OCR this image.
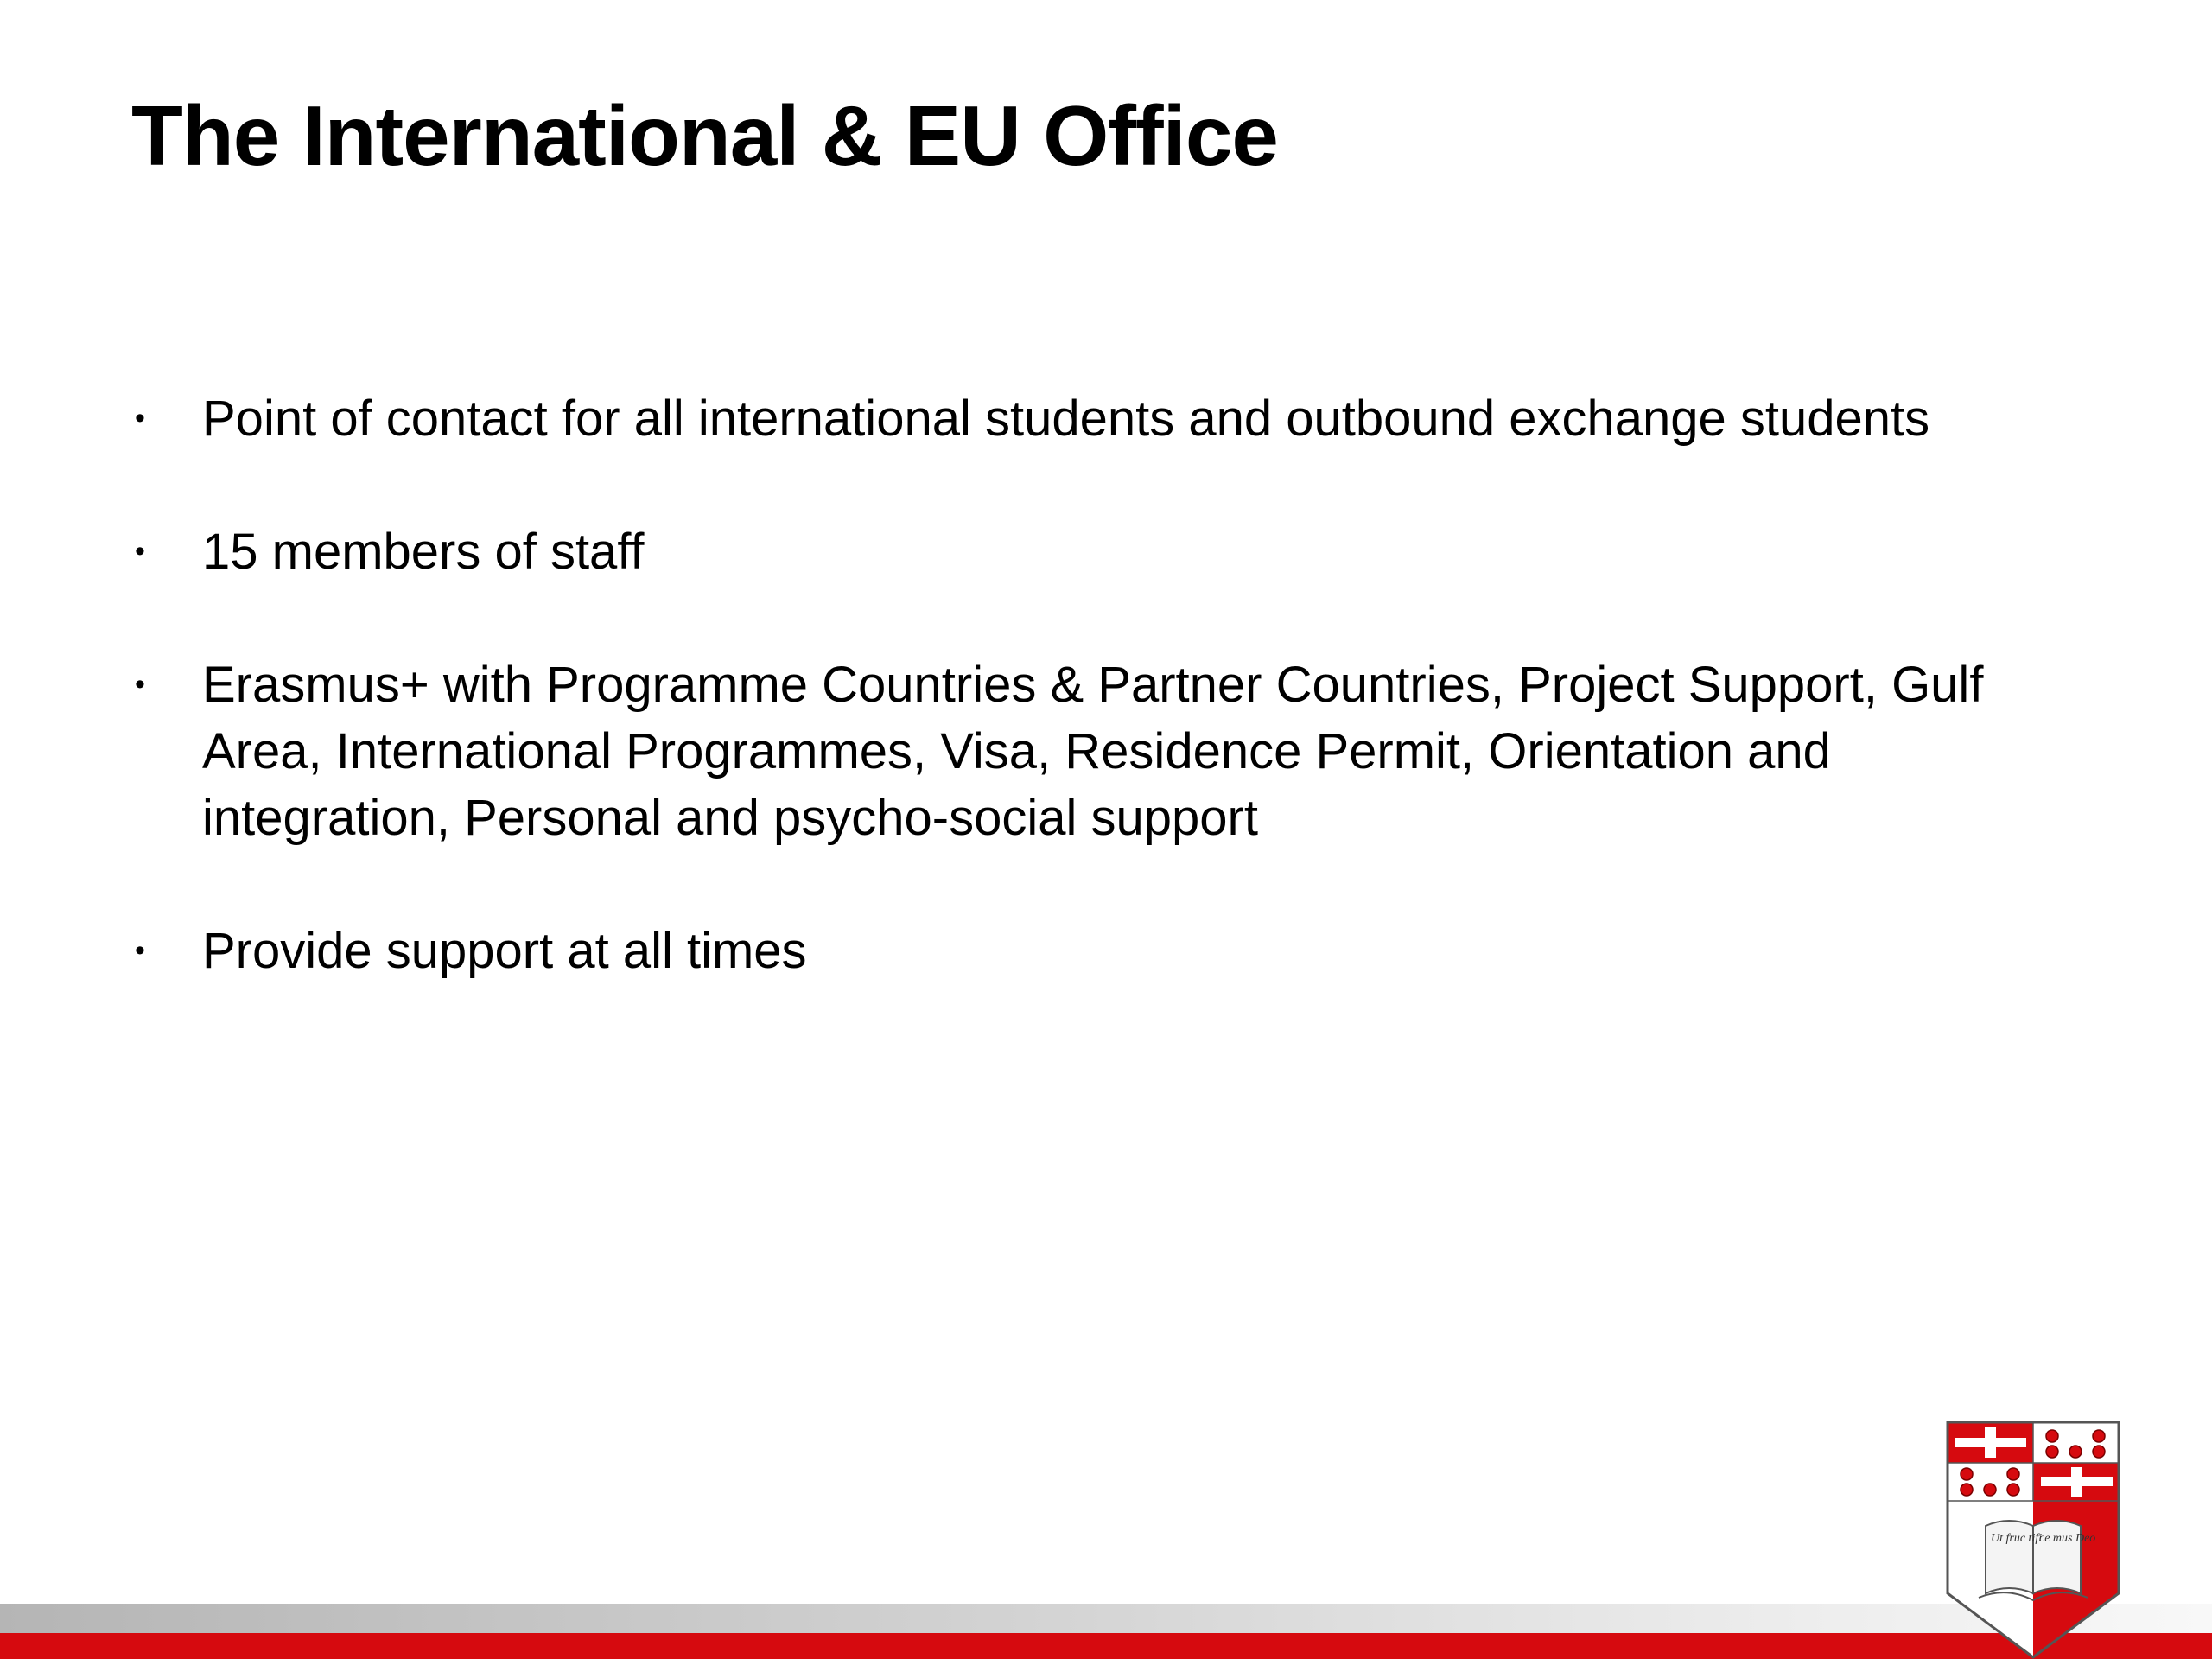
The International & EU Office
• Point of contact for all international students and outbound exchange students
• 15 members of staff
• Erasmus+ with Programme Countries & Partner Countries, Project Support, Gulf Area, International Programmes, Visa, Residence Permit, Orientation and integration, Personal and psycho-social support
• Provide support at all times
Ut fruc tifi
ce mus Deo
